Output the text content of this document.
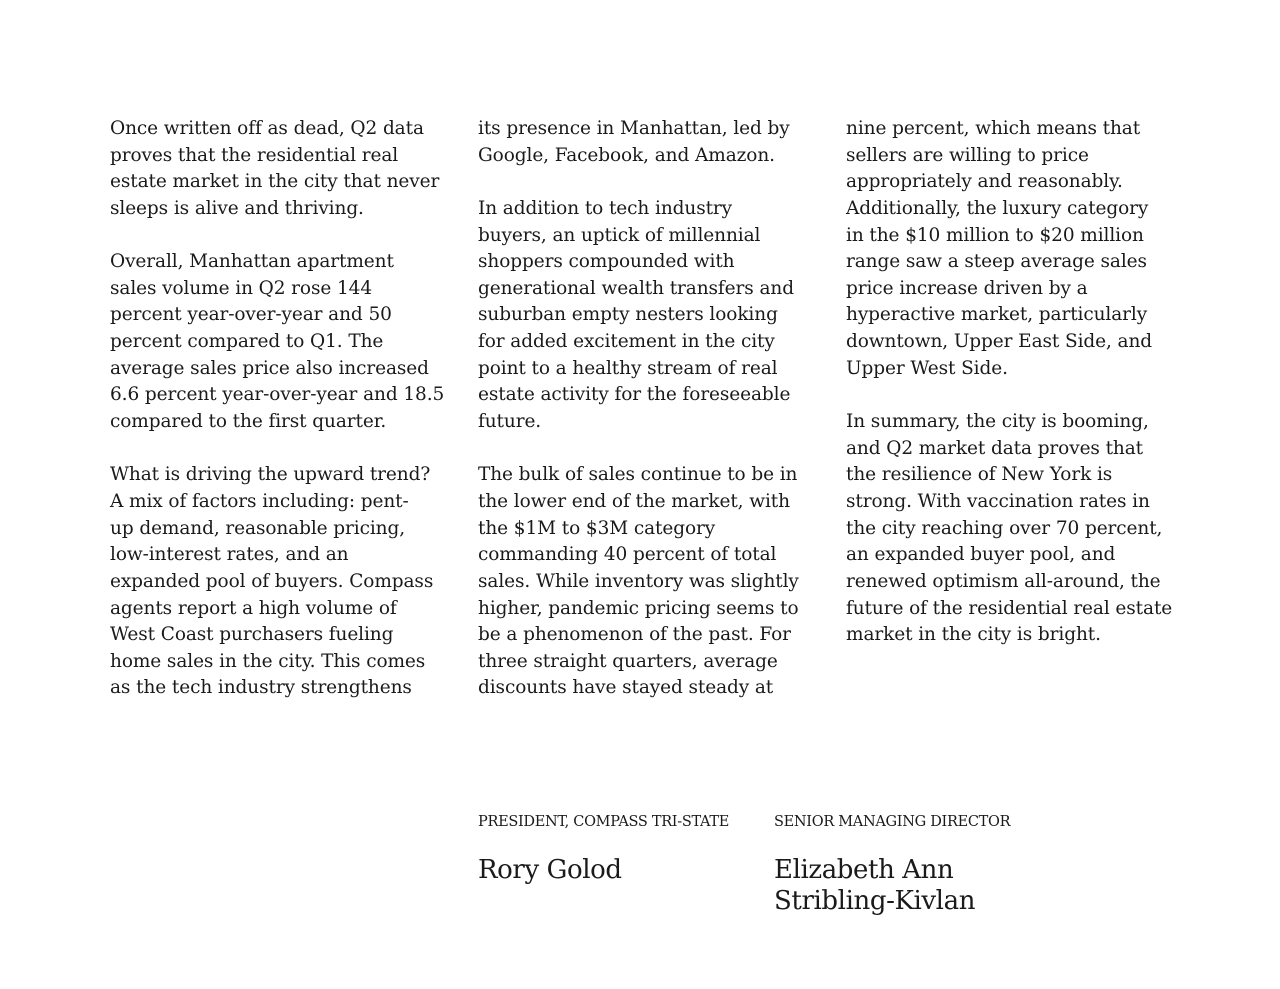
Once written off as dead, Q2 data
proves that the residential real
estate market in the city that never
sleeps is alive and thriving.
Overall, Manhattan apartment
sales volume in Q2 rose 144
percent year-over-year and 50
percent compared to Q1. The
average sales price also increased
6.6 percent year-over-year and 18.5
compared to the first quarter.
What is driving the upward trend?
A mix of factors including: pent-
up demand, reasonable pricing,
low-interest rates, and an
expanded pool of buyers. Compass
agents report a high volume of
West Coast purchasers fueling
home sales in the city. This comes
as the tech industry strengthens
its presence in Manhattan, led by
Google, Facebook, and Amazon.
In addition to tech industry
buyers, an uptick of millennial
shoppers compounded with
generational wealth transfers and
suburban empty nesters looking
for added excitement in the city
point to a healthy stream of real
estate activity for the foreseeable
future.
The bulk of sales continue to be in
the lower end of the market, with
the $1M to $3M category
commanding 40 percent of total
sales. While inventory was slightly
higher, pandemic pricing seems to
be a phenomenon of the past. For
three straight quarters, average
discounts have stayed steady at
nine percent, which means that
sellers are willing to price
appropriately and reasonably.
Additionally, the luxury category
in the $10 million to $20 million
range saw a steep average sales
price increase driven by a
hyperactive market, particularly
downtown, Upper East Side, and
Upper West Side.
In summary, the city is booming,
and Q2 market data proves that
the resilience of New York is
strong. With vaccination rates in
the city reaching over 70 percent,
an expanded buyer pool, and
renewed optimism all-around, the
future of the residential real estate
market in the city is bright.
PRESIDENT, COMPASS TRI-STATE
Rory Golod
SENIOR MANAGING DIRECTOR
Elizabeth Ann
Stribling-Kivlan
